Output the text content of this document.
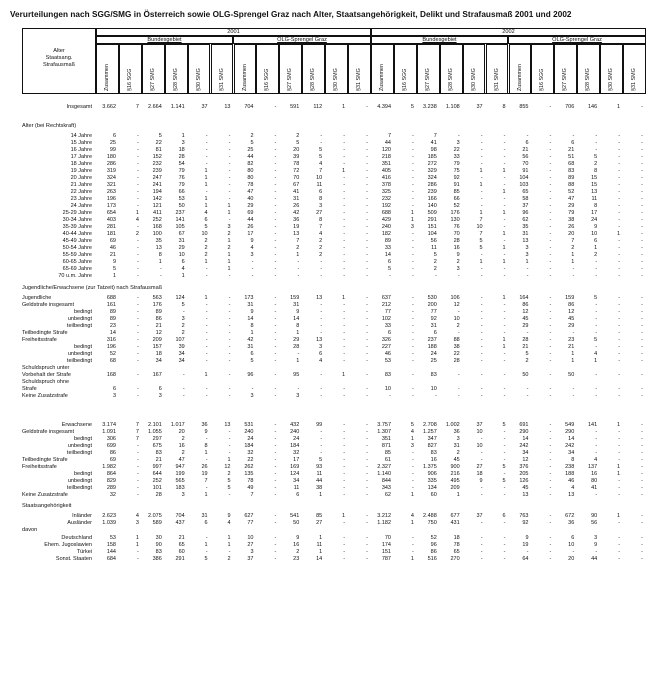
Verurteilungen nach SGG/SMG in Österreich sowie OLG-Sprengel Graz nach Alter, Staatsangehörigkeit, Delikt und Strafausmaß 2001 und 2002
Alter
Staatsang.
Strafausmaß
2001	2002
Bundesgebiet	OLG-Sprengel Graz	Bundesgebiet	OLG-Sprengel Graz
Zusammen	§16 SGG	§27 SMG	§28 SMG	§30 SMG	§31 SMG	Zusammen	§16 SGG	§27 SMG	§28 SMG	§30 SMG	§31 SMG	Zusammen	§16 SGG	§27 SMG	§28 SMG	§30 SMG	§31 SMG	Zusammen	§16 SGG	§27 SMG	§28 SMG	§30 SMG	§31 SMG
Alter (bei Rechtskraft)
Jugendliche/Erwachsene (zur Tatzeit) nach Strafausmaß
Staatsangehörigkeit
davon
Insgesamt	3.662	7	2.664	1.141	37	13	704	-	591	112	1	-	4.394	5	3.238	1.108	37	8	855	-	706	146	1	-
14 Jahre	6	-	5	1	-	-	2	-	2	-	-	-	7	-	7	-	-	-	-	-	-	-	-	-
15 Jahre	25	-	22	3	-	-	5	-	5	-	-	-	44	-	41	3	-	-	6	-	6	-	-	-
16 Jahre	99	-	81	18	-	-	25	-	20	5	-	-	120	-	98	22	-	-	21	-	21	-	-	-
17 Jahre	180	-	152	28	-	-	44	-	39	5	-	-	218	-	185	33	-	-	56	-	51	5	-	-
18 Jahre	286	-	232	54	-	-	82	-	78	4	-	-	351	-	272	79	-	-	70	-	68	2	-	-
19 Jahre	319	-	239	79	1	-	80	-	72	7	1	-	405	-	329	75	1	1	91	-	83	8	-	-
20 Jahre	324	-	247	76	1	-	80	-	70	10	-	-	416	-	324	92	-	-	104	-	89	15	-	-
21 Jahre	321	-	241	79	1	-	78	-	67	11	-	-	378	-	286	91	1	-	103	-	88	15	-	-
22 Jahre	263	-	194	66	-	-	47	-	41	6	-	-	325	-	239	85	-	1	65	-	52	13	-	-
23 Jahre	196	-	142	53	1	-	40	-	31	8	-	-	232	-	166	66	-	-	58	-	47	11	-	-
24 Jahre	173	-	121	50	1	1	29	-	26	3	-	-	192	-	140	52	-	-	37	-	29	8	-	-
25-29 Jahre	654	1	411	237	4	1	69	-	42	27	-	-	688	1	509	176	1	1	96	-	79	17	-	-
30-34 Jahre	403	4	252	141	6	-	44	-	36	8	-	-	429	1	291	130	7	-	62	-	38	24	-	-
35-39 Jahre	281	-	168	105	5	3	26	-	19	7	-	-	240	3	151	76	10	-	35	-	26	9	-	-
40-44 Jahre	181	2	100	67	10	2	17	-	13	4	-	-	182	-	104	70	7	1	31	-	20	10	1	-
45-49 Jahre	69	-	35	31	2	1	9	-	7	2	-	-	89	-	56	28	5	-	13	-	7	6	-	-
50-54 Jahre	46	-	13	29	2	2	4	-	2	2	-	-	33	-	11	16	5	1	3	-	2	1	-	-
55-59 Jahre	21	-	8	10	2	1	3	-	1	2	-	-	14	-	5	9	-	-	3	-	1	2	-	-
60-65 Jahre	9	-	1	6	1	1	-	-	-	-	-	-	6	-	2	2	1	1	1	-	1	-	-	-
65-69 Jahre	5	-	-	4	-	1	-	-	-	-	-	-	5	-	2	3	-	-	-	-	-	-	-	-
70 u.m. Jahre	1	-	-	1	-	-	-	-	-	-	-	-	-	-	-	-	-	-	-	-	-	-	-	-
Jugendliche	688	-	563	124	1	-	173	-	159	13	1	-	637	-	530	106	-	1	164	-	159	5	-	-
Geldstrafe insgesamt	161	-	176	5	-	-	31	-	31	-	-	-	212	-	200	12	-	-	86	-	86	-	-	-
bedingt	89	-	89	-	-	-	9	-	9	-	-	-	77	-	77	-	-	-	12	-	12	-	-	-
unbedingt	89	-	86	3	-	-	14	-	14	-	-	-	102	-	92	10	-	-	45	-	45	-	-	-
teilbedingt	23	-	21	2	-	-	8	-	8	-	-	-	33	-	31	2	-	-	29	-	29	-	-	-
Teilbedingte Strafe	14	-	12	2	-	-	1	-	1	-	-	-	6	-	6	-	-	-	-	-	-	-	-	-
Freiheitsstrafe	316	-	209	107	-	-	42	-	29	13	-	-	326	-	237	88	-	1	28	-	23	5	-	-
bedingt	196	-	157	39	-	-	31	-	28	3	-	-	227	-	188	38	-	1	21	-	21	-	-	-
unbedingt	52	-	18	34	-	-	6	-	-	6	-	-	46	-	24	22	-	-	5	-	1	4	-	-
teilbedingt	68	-	34	34	-	-	5	-	1	4	-	-	53	-	25	28	-	-	2	-	1	1	-	-
Schuldspruch unter
Vorbehalt der Strafe	168	-	167	-	1	-	96	-	95	-	1	-	83	-	83	-	-	-	50	-	50	-	-	-
Schuldspruch ohne
Strafe	6	-	6	-	-	-	-	-	-	-	-	-	10	-	10	-	-	-	-	-	-	-	-	-
Keine Zusatzstrafe	3	-	3	-	-	-	3	-	3	-	-	-	-	-	-	-	-	-	-	-	-	-	-	-
Erwachsene	3.174	7	2.101	1.017	36	13	531	-	432	99	-	-	3.757	5	2.708	1.002	37	5	691	-	549	141	1	-
Geldstrafe insgesamt	1.091	7	1.055	20	9	-	240	-	240	-	-	-	1.307	4	1.257	36	10	-	290	-	290	-	-	-
bedingt	306	7	297	2	-	-	24	-	24	-	-	-	351	1	347	3	-	-	14	-	14	-	-	-
unbedingt	699	-	675	16	8	-	184	-	184	-	-	-	871	3	827	31	10	-	242	-	242	-	-	-
teilbedingt	86	-	83	2	1	-	32	-	32	-	-	-	85	-	83	2	-	-	34	-	34	-	-	-
Teilbedingte Strafe	69	-	21	47	-	1	22	-	17	5	-	-	61	-	16	45	-	-	12	-	8	4	-	-
Freiheitsstrafe	1.982	-	997	947	26	12	262	-	169	93	-	-	2.327	-	1.375	900	27	5	376	-	238	137	1	-
bedingt	864	-	644	199	19	2	135	-	124	11	-	-	1.140	-	906	216	18	-	205	-	188	16	1	-
unbedingt	829	-	252	565	7	5	78	-	34	44	-	-	844	-	335	495	9	5	126	-	46	80	-	-
teilbedingt	289	-	101	183	-	5	49	-	11	38	-	-	343	-	134	209	-	-	45	-	4	41	-	-
Keine Zusatzstrafe	32	-	28	3	1	-	7	-	6	1	-	-	62	1	60	1	-	-	13	-	13	-	-	-
Inländer	2.623	4	2.075	704	31	9	627	-	541	85	1	-	3.212	4	2.488	677	37	6	763	-	672	90	1	-
Ausländer	1.039	3	589	437	6	4	77	-	50	27	-	-	1.182	1	750	431	-	-	92	-	36	56	-	-
Deutschland	53	1	30	21	-	1	10	-	9	1	-	-	70	-	52	18	-	-	9	-	6	3	-	-
Ehem. Jugoslawien	158	1	90	65	1	1	27	-	16	11	-	-	174	-	96	78	-	-	19	-	10	9	-	-
Türkei	144	-	83	60	-	-	3	-	2	1	-	-	151	-	86	65	-	-	-	-	-	-	-	-
Sonst. Staaten	684	-	386	291	5	2	37	-	23	14	-	-	787	1	516	270	-	-	64	-	20	44	-	-
